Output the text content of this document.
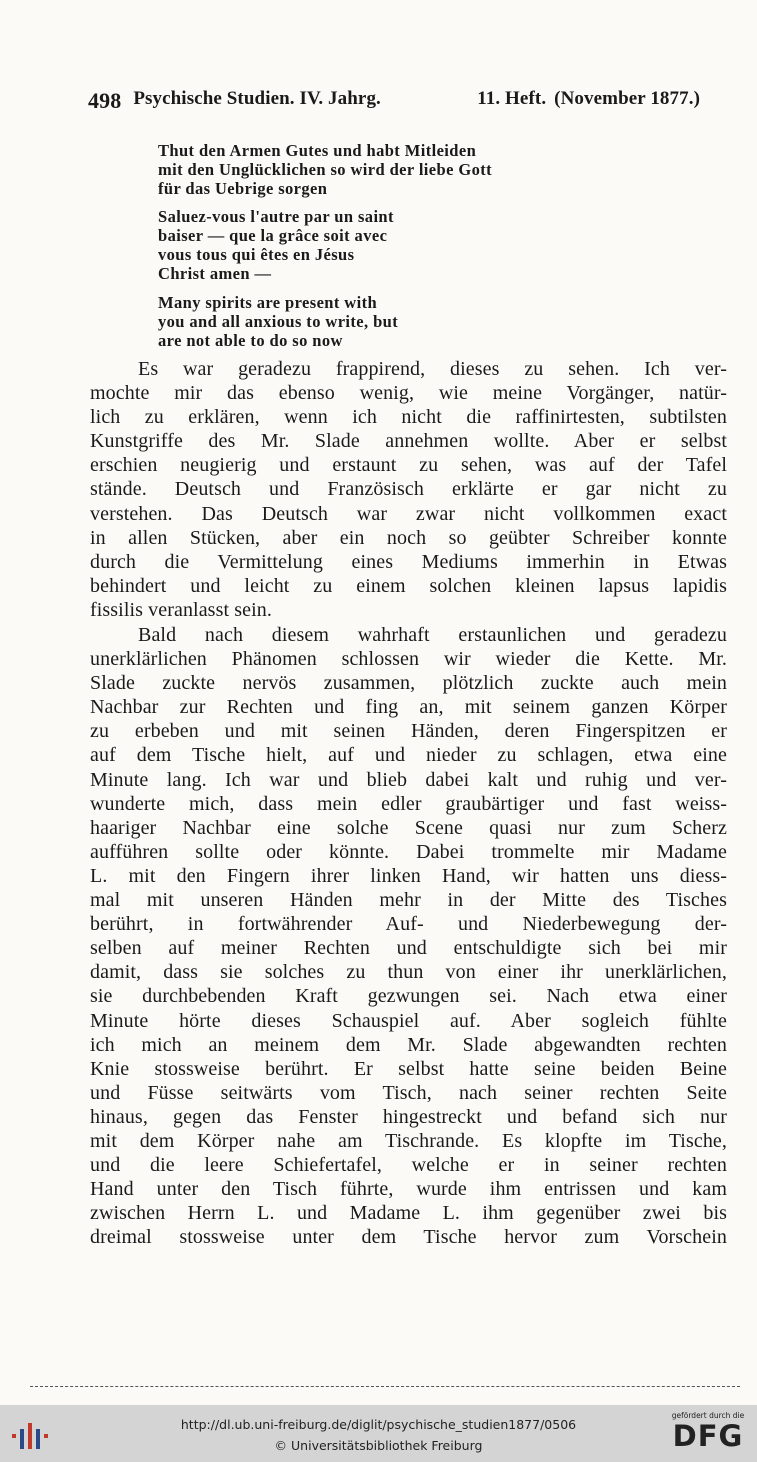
498 Psychische Studien. IV. Jahrg.	11. Heft. (November 1877.)
Thut den Armen Gutes und habt Mitleiden
mit den Unglücklichen so wird der liebe Gott
für das Uebrige sorgen
Saluez-vous l'autre par un saint
baiser — que la grâce soit avec
vous tous qui êtes en Jésus
Christ amen —
Many spirits are present with
you and all anxious to write, but
are not able to do so now
Es war geradezu frappirend, dieses zu sehen. Ich ver-
mochte mir das ebenso wenig, wie meine Vorgänger, natür-
lich zu erklären, wenn ich nicht die raffinirtesten, subtilsten
Kunstgriffe des Mr. Slade annehmen wollte. Aber er selbst
erschien neugierig und erstaunt zu sehen, was auf der Tafel
stände. Deutsch und Französisch erklärte er gar nicht zu
verstehen. Das Deutsch war zwar nicht vollkommen exact
in allen Stücken, aber ein noch so geübter Schreiber konnte
durch die Vermittelung eines Mediums immerhin in Etwas
behindert und leicht zu einem solchen kleinen lapsus lapidis
fissilis veranlasst sein.
Bald nach diesem wahrhaft erstaunlichen und geradezu
unerklärlichen Phänomen schlossen wir wieder die Kette. Mr.
Slade zuckte nervös zusammen, plötzlich zuckte auch mein
Nachbar zur Rechten und fing an, mit seinem ganzen Körper
zu erbeben und mit seinen Händen, deren Fingerspitzen er
auf dem Tische hielt, auf und nieder zu schlagen, etwa eine
Minute lang. Ich war und blieb dabei kalt und ruhig und ver-
wunderte mich, dass mein edler graubärtiger und fast weiss-
haariger Nachbar eine solche Scene quasi nur zum Scherz
aufführen sollte oder könnte. Dabei trommelte mir Madame
L. mit den Fingern ihrer linken Hand, wir hatten uns diess-
mal mit unseren Händen mehr in der Mitte des Tisches
berührt, in fortwährender Auf- und Niederbewegung der-
selben auf meiner Rechten und entschuldigte sich bei mir
damit, dass sie solches zu thun von einer ihr unerklärlichen,
sie durchbebenden Kraft gezwungen sei. Nach etwa einer
Minute hörte dieses Schauspiel auf. Aber sogleich fühlte
ich mich an meinem dem Mr. Slade abgewandten rechten
Knie stossweise berührt. Er selbst hatte seine beiden Beine
und Füsse seitwärts vom Tisch, nach seiner rechten Seite
hinaus, gegen das Fenster hingestreckt und befand sich nur
mit dem Körper nahe am Tischrande. Es klopfte im Tische,
und die leere Schiefertafel, welche er in seiner rechten
Hand unter den Tisch führte, wurde ihm entrissen und kam
zwischen Herrn L. und Madame L. ihm gegenüber zwei bis
dreimal stossweise unter dem Tische hervor zum Vorschein
http://dl.ub.uni-freiburg.de/diglit/psychische_studien1877/0506
© Universitätsbibliothek Freiburg
gefördert durch die
DFG
